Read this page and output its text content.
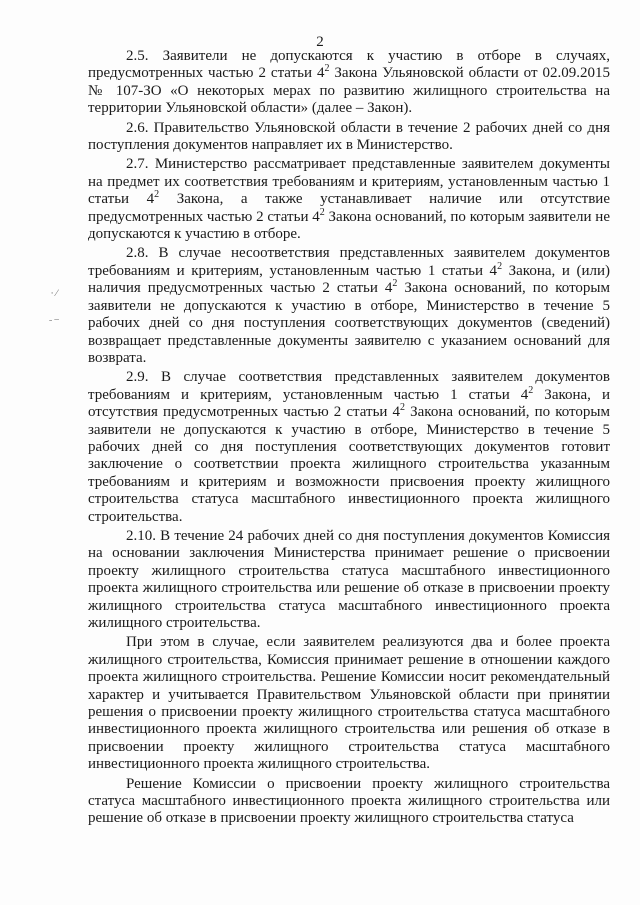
2
· ⁄
ˉ ¯

2.5. Заявители не допускаются к участию в отборе в случаях, предусмотренных частью 2 статьи $4^2$ Закона Ульяновской области от 02.09.2015 № 107-ЗО «О некоторых мерах по развитию жилищного строительства на территории Ульяновской области» (далее – Закон).

2.6. Правительство Ульяновской области в течение 2 рабочих дней со дня поступления документов направляет их в Министерство.

2.7. Министерство рассматривает представленные заявителем документы на предмет их соответствия требованиям и критериям, установленным частью 1 статьи $4^2$ Закона, а также устанавливает наличие или отсутствие предусмотренных частью 2 статьи $4^2$ Закона оснований, по которым заявители не допускаются к участию в отборе.

2.8. В случае несоответствия представленных заявителем документов требованиям и критериям, установленным частью 1 статьи $4^2$ Закона, и (или) наличия предусмотренных частью 2 статьи $4^2$ Закона оснований, по которым заявители не допускаются к участию в отборе, Министерство в течение 5 рабочих дней со дня поступления соответствующих документов (сведений) возвращает представленные документы заявителю с указанием оснований для возврата.

2.9. В случае соответствия представленных заявителем документов требованиям и критериям, установленным частью 1 статьи $4^2$ Закона, и отсутствия предусмотренных частью 2 статьи $4^2$ Закона оснований, по которым заявители не допускаются к участию в отборе, Министерство в течение 5 рабочих дней со дня поступления соответствующих документов готовит заключение о соответствии проекта жилищного строительства указанным требованиям и критериям и возможности присвоения проекту жилищного строительства статуса масштабного инвестиционного проекта жилищного строительства.

2.10. В течение 24 рабочих дней со дня поступления документов Комиссия на основании заключения Министерства принимает решение о присвоении проекту жилищного строительства статуса масштабного инвестиционного проекта жилищного строительства или решение об отказе в присвоении проекту жилищного строительства статуса масштабного инвестиционного проекта жилищного строительства.

При этом в случае, если заявителем реализуются два и более проекта жилищного строительства, Комиссия принимает решение в отношении каждого проекта жилищного строительства. Решение Комиссии носит рекомендательный характер и учитывается Правительством Ульяновской области при принятии решения о присвоении проекту жилищного строительства статуса масштабного инвестиционного проекта жилищного строительства или решения об отказе в присвоении проекту жилищного строительства статуса масштабного инвестиционного проекта жилищного строительства.

Решение Комиссии о присвоении проекту жилищного строительства статуса масштабного инвестиционного проекта жилищного строительства или решение об отказе в присвоении проекту жилищного строительства статуса
